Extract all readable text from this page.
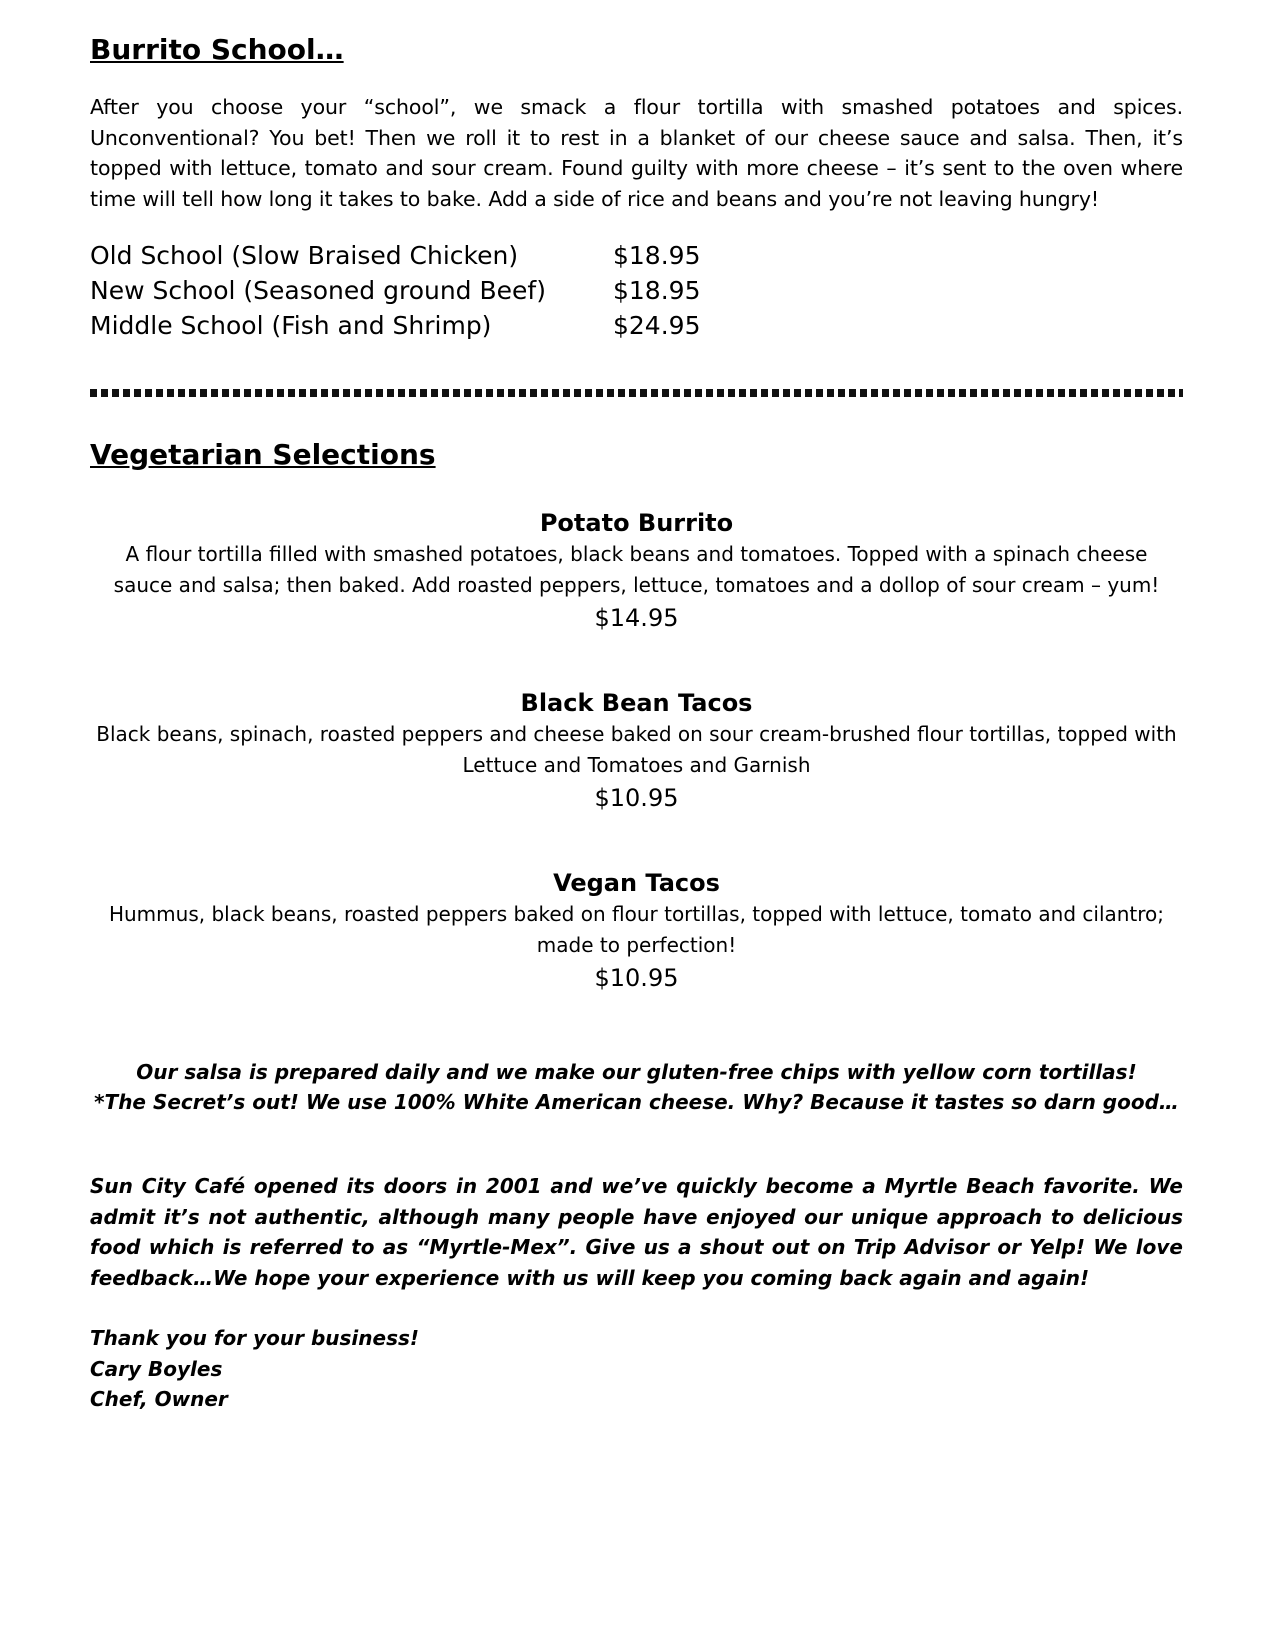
Burrito School…
After you choose your “school”, we smack a flour tortilla with smashed potatoes and spices. Unconventional? You bet! Then we roll it to rest in a blanket of our cheese sauce and salsa. Then, it’s topped with lettuce, tomato and sour cream. Found guilty with more cheese – it’s sent to the oven where time will tell how long it takes to bake. Add a side of rice and beans and you’re not leaving hungry!
Old School (Slow Braised Chicken)	$18.95
New School (Seasoned ground Beef)	$18.95
Middle School (Fish and Shrimp)	$24.95
Vegetarian Selections
Potato Burrito
A flour tortilla filled with smashed potatoes, black beans and tomatoes. Topped with a spinach cheese
sauce and salsa; then baked. Add roasted peppers, lettuce, tomatoes and a dollop of sour cream – yum!
$14.95
Black Bean Tacos
Black beans, spinach, roasted peppers and cheese baked on sour cream-brushed flour tortillas, topped with
Lettuce and Tomatoes and Garnish
$10.95
Vegan Tacos
Hummus, black beans, roasted peppers baked on flour tortillas, topped with lettuce, tomato and cilantro;
made to perfection!
$10.95
Our salsa is prepared daily and we make our gluten-free chips with yellow corn tortillas!
*The Secret’s out! We use 100% White American cheese. Why? Because it tastes so darn good…
Sun City Café opened its doors in 2001 and we’ve quickly become a Myrtle Beach favorite. We admit it’s not authentic, although many people have enjoyed our unique approach to delicious food which is referred to as “Myrtle-Mex”. Give us a shout out on Trip Advisor or Yelp! We love feedback…We hope your experience with us will keep you coming back again and again!
Thank you for your business!
Cary Boyles
Chef, Owner
